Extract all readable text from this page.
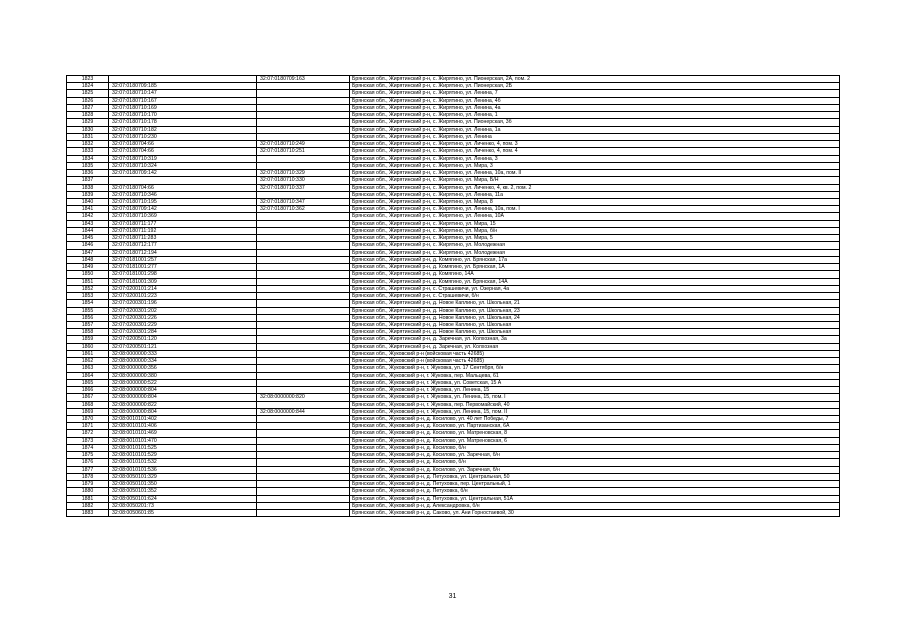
1823		32:07:0180709:163	Брянская обл., Жирятинский р-н, с. Жирятино, ул. Пионерская, 2А, пом. 2
1824	32:07:0180709:185		Брянская обл., Жирятинский р-н, с. Жирятино, ул. Пионерская, 2Б
1825	32:07:0180710:147		Брянская обл., Жирятинский р-н, с. Жирятино, ул. Ленина, 7
1826	32:07:0180710:167		Брянская обл., Жирятинский р-н, с. Жирятино, ул. Ленина, 4б
1827	32:07:0180710:169		Брянская обл., Жирятинский р-н, с. Жирятино, ул. Ленина, 4а
1828	32:07:0180710:170		Брянская обл., Жирятинский р-н, с. Жирятино, ул. Ленина, 1
1829	32:07:0180710:178		Брянская обл., Жирятинский р-н, с. Жирятино, ул. Пионерская, 3б
1830	32:07:0180710:182		Брянская обл., Жирятинский р-н, с. Жирятино, ул. Ленина, 1а
1831	32:07:0180710:230		Брянская обл., Жирятинский р-н, с. Жирятино, ул. Ленина
1832	32:07:0180704:66	32:07:0180710:249	Брянская обл., Жирятинский р-н, с. Жирятино, ул. Личенко, 4, пом. 3
1833	32:07:0180704:66	32:07:0180710:251	Брянская обл., Жирятинский р-н, с. Жирятино, ул. Личенко, 4, пом. 4
1834	32:07:0180710:319		Брянская обл., Жирятинский р-н, с. Жирятино, ул. Ленина, 3
1835	32:07:0180710:324		Брянская обл., Жирятинский р-н, с. Жирятино, ул. Мира, 3
1836	32:07:0180709:142	32:07:0180710:329	Брянская обл., Жирятинский р-н, с. Жирятино, ул. Ленина, 10а, пом. II
1837		32:07:0180710:330	Брянская обл., Жирятинский р-н, с. Жирятино, ул. Мира, Б/Н
1838	32:07:0180704:66	32:07:0180710:337	Брянская обл., Жирятинский р-н, с. Жирятино, ул. Личенко, 4, кв. 2, пом. 2
1839	32:07:0180710:346		Брянская обл., Жирятинский р-н, с. Жирятино, ул. Ленина, 11а
1840	32:07:0180710:195	32:07:0180710:347	Брянская обл., Жирятинский р-н, с. Жирятино, ул. Мира, 8
1841	32:07:0180709:142	32:07:0180710:362	Брянская обл., Жирятинский р-н, с. Жирятино, ул. Ленина, 10а, пом. I
1842	32:07:0180710:369		Брянская обл., Жирятинский р-н, с. Жирятино, ул. Ленина, 10А
1843	32:07:0180711:177		Брянская обл., Жирятинский р-н, с. Жирятино, ул. Мира, 15
1844	32:07:0180711:192		Брянская обл., Жирятинский р-н, с. Жирятино, ул. Мира, б/н
1845	32:07:0180711:283		Брянская обл., Жирятинский р-н, с. Жирятино, ул. Мира, 5
1846	32:07:0180712:177		Брянская обл., Жирятинский р-н, с. Жирятино, ул. Молодежная
1847	32:07:0180712:194		Брянская обл., Жирятинский р-н, с. Жирятино, ул. Молодежная
1848	32:07:0181001:257		Брянская обл., Жирятинский р-н, д. Комягино, ул. Брянская, 17а
1849	32:07:0181001:277		Брянская обл., Жирятинский р-н, д. Комягино, ул. Брянская, 1А
1850	32:07:0181001:298		Брянская обл., Жирятинский р-н, д. Комягино, 14А
1851	32:07:0181001:309		Брянская обл., Жирятинский р-н, д. Комягино, ул. Брянская, 14А
1852	32:07:0200101:214		Брянская обл., Жирятинский р-н, с. Страшевичи, ул. Озерная, 4а
1853	32:07:0200101:223		Брянская обл., Жирятинский р-н, с. Страшевичи, б/н
1854	32:07:0200301:196		Брянская обл., Жирятинский р-н, д. Новое Каплино, ул. Школьная, 21
1855	32:07:0200301:202		Брянская обл., Жирятинский р-н, д. Новое Каплино, ул. Школьная, 23
1856	32:07:0200301:226		Брянская обл., Жирятинский р-н, д. Новое Каплино, ул. Школьная, 24
1857	32:07:0200301:229		Брянская обл., Жирятинский р-н, д. Новое Каплино, ул. Школьная
1858	32:07:0200301:284		Брянская обл., Жирятинский р-н, д. Новое Каплино, ул. Школьная
1859	32:07:0200501:120		Брянская обл., Жирятинский р-н, д. Заречная, ул. Колхозная, 3а
1860	32:07:0200501:121		Брянская обл., Жирятинский р-н, д. Заречная, ул. Колхозная
1861	32:08:0000000:333		Брянская обл., Жуковский р-н (войсковая часть 42685)
1862	32:08:0000000:334		Брянская обл., Жуковский р-н (войсковая часть 42685)
1863	32:08:0000000:356		Брянская обл., Жуковский р-н, г. Жуковка, ул. 17 Сентября, б/н
1864	32:08:0000000:380		Брянская обл., Жуковский р-н, г. Жуковка, пер. Мальцева, 61
1865	32:08:0000000:522		Брянская обл., Жуковский р-н, г. Жуковка, ул. Советская, 15 А
1866	32:08:0000000:804		Брянская обл., Жуковский р-н, г. Жуковка, ул. Ленина, 15
1867	32:08:0000000:804	32:08:0000000:820	Брянская обл., Жуковский р-н, г. Жуковка, ул. Ленина, 15, пом. I
1868	32:08:0000000:822		Брянская обл., Жуковский р-н, г. Жуковка, пер. Первомайский, 40
1869	32:08:0000000:804	32:08:0000000:844	Брянская обл., Жуковский р-н, г. Жуковка, ул. Ленина, 15, пом. II
1870	32:08:0010101:402		Брянская обл., Жуковский р-н, д. Косилово, ул. 40 лет Победы, 7
1871	32:08:0010101:406		Брянская обл., Жуковский р-н, д. Косилово, ул. Партизанская, 6А
1872	32:08:0010101:469		Брянская обл., Жуковский р-н, д. Косилово, ул. Матреновская, 8
1873	32:08:0010101:470		Брянская обл., Жуковский р-н, д. Косилово, ул. Матреновская, 6
1874	32:08:0010101:525		Брянская обл., Жуковский р-н, д. Косилово, б/н
1875	32:08:0010101:529		Брянская обл., Жуковский р-н, д. Косилово, ул. Заречная, б/н
1876	32:08:0010101:532		Брянская обл., Жуковский р-н, д. Косилово, б/н
1877	32:08:0010101:536		Брянская обл., Жуковский р-н, д. Косилово, ул. Заречная, б/н
1878	32:08:0050101:329		Брянская обл., Жуковский р-н, д. Петуховка, ул. Центральная, 50
1879	32:08:0050101:350		Брянская обл., Жуковский р-н, д. Петуховка, пер. Центральный, 1
1880	32:08:0050101:352		Брянская обл., Жуковский р-н, д. Петуховка, б/н
1881	32:08:0050101:624		Брянская обл., Жуковский р-н, д. Петуховка, ул. Центральная, 51А
1882	32:08:0050201:73		Брянская обл., Жуковский р-н, д. Александровка, б/н
1883	32:08:0050601:85		Брянская обл., Жуковский р-н, д. Саково, ул. Ани Горностаевой, 30
31
